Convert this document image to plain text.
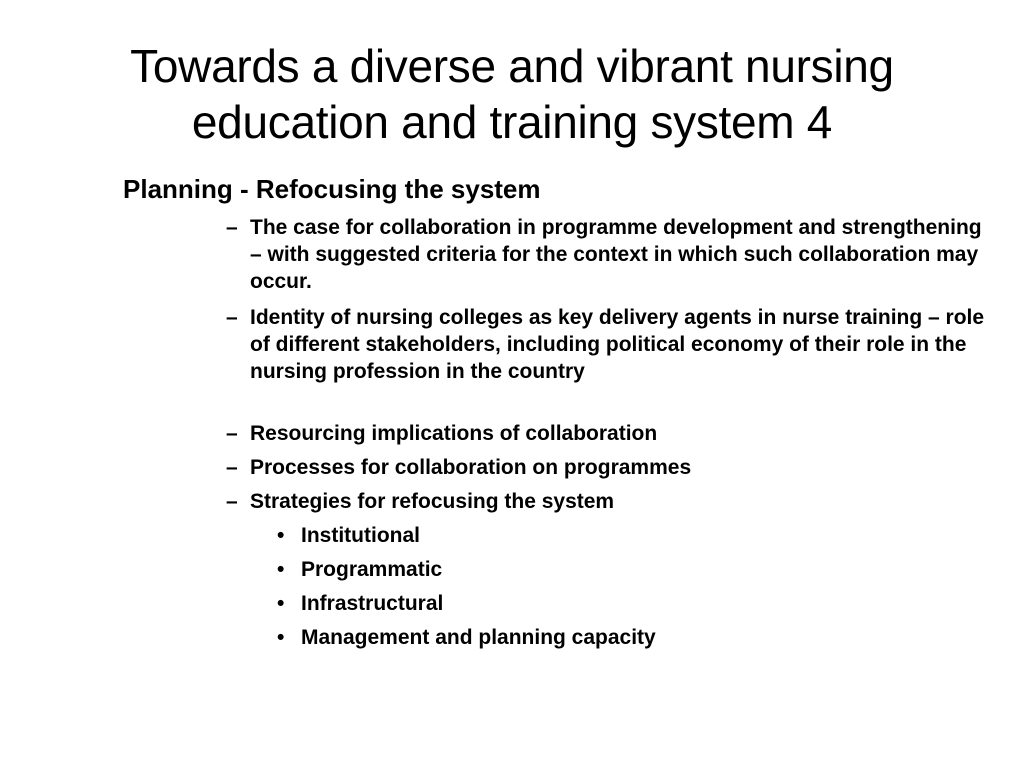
Towards a diverse and vibrant nursing
education and training system 4
Planning - Refocusing the system
– The case for collaboration in programme development and strengthening – with suggested criteria for the context in which such collaboration may occur.
– Identity of nursing colleges as key delivery agents in nurse training – role of different stakeholders, including political economy of their role in the nursing profession in the country
– Resourcing implications of collaboration
– Processes for collaboration on programmes
– Strategies for refocusing the system
• Institutional
• Programmatic
• Infrastructural
• Management and planning capacity
